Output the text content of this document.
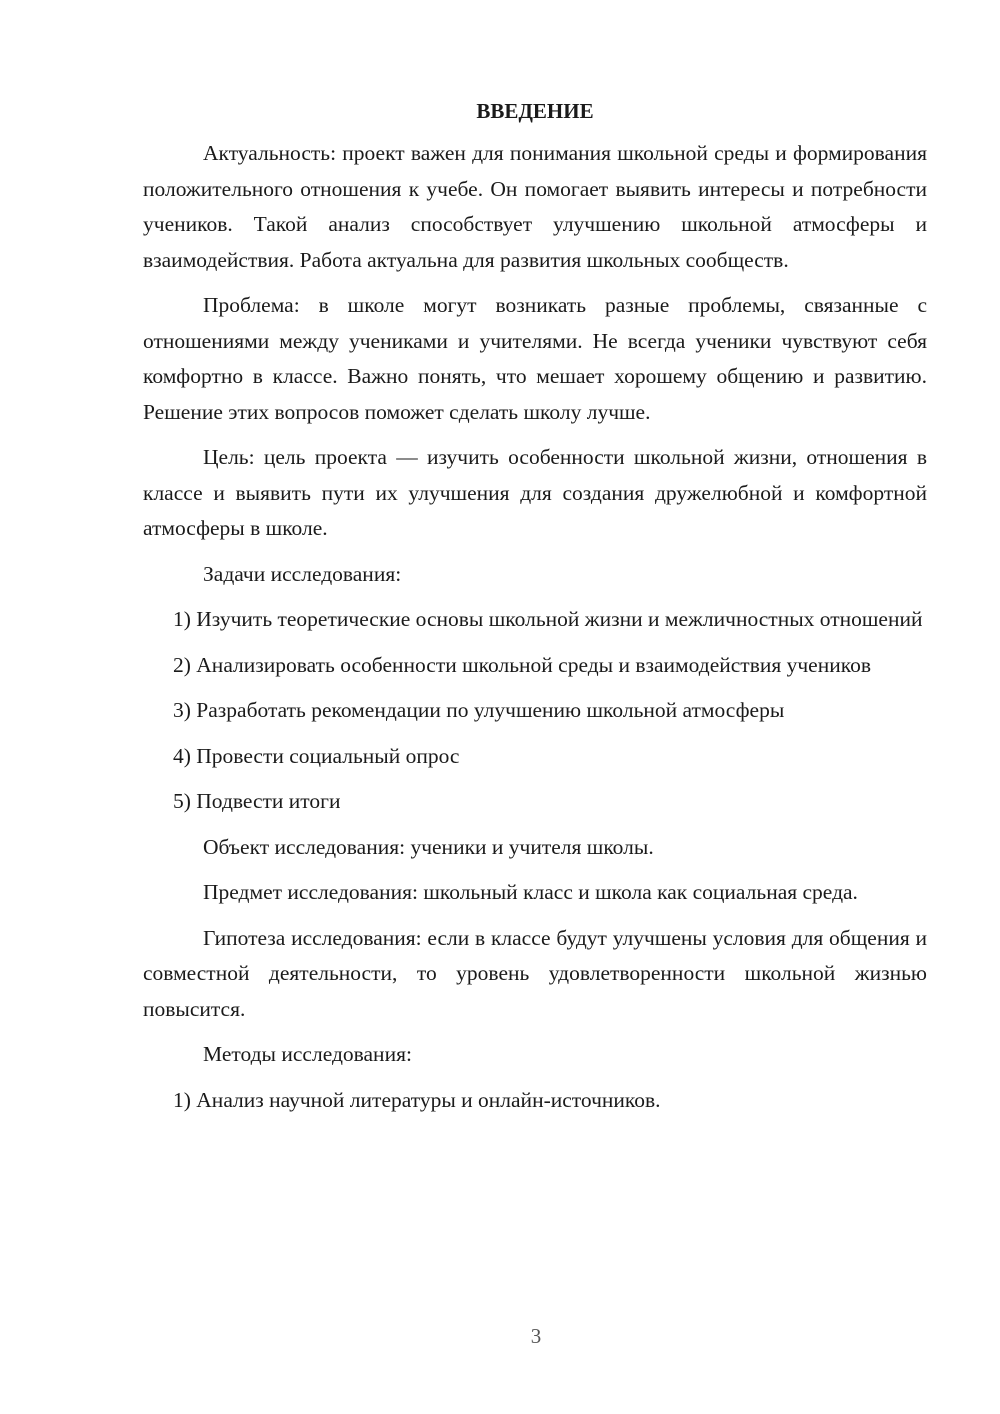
ВВЕДЕНИЕ
Актуальность: проект важен для понимания школьной среды и формирования положительного отношения к учебе. Он помогает выявить интересы и потребности учеников. Такой анализ способствует улучшению школьной атмосферы и взаимодействия. Работа актуальна для развития школьных сообществ.
Проблема: в школе могут возникать разные проблемы, связанные с отношениями между учениками и учителями. Не всегда ученики чувствуют себя комфортно в классе. Важно понять, что мешает хорошему общению и развитию. Решение этих вопросов поможет сделать школу лучше.
Цель: цель проекта — изучить особенности школьной жизни, отношения в классе и выявить пути их улучшения для создания дружелюбной и комфортной атмосферы в школе.
Задачи исследования:
1) Изучить теоретические основы школьной жизни и межличностных отношений
2) Анализировать особенности школьной среды и взаимодействия учеников
3) Разработать рекомендации по улучшению школьной атмосферы
4) Провести социальный опрос
5) Подвести итоги
Объект исследования: ученики и учителя школы.
Предмет исследования: школьный класс и школа как социальная среда.
Гипотеза исследования: если в классе будут улучшены условия для общения и совместной деятельности, то уровень удовлетворенности школьной жизнью повысится.
Методы исследования:
1) Анализ научной литературы и онлайн-источников.
3
